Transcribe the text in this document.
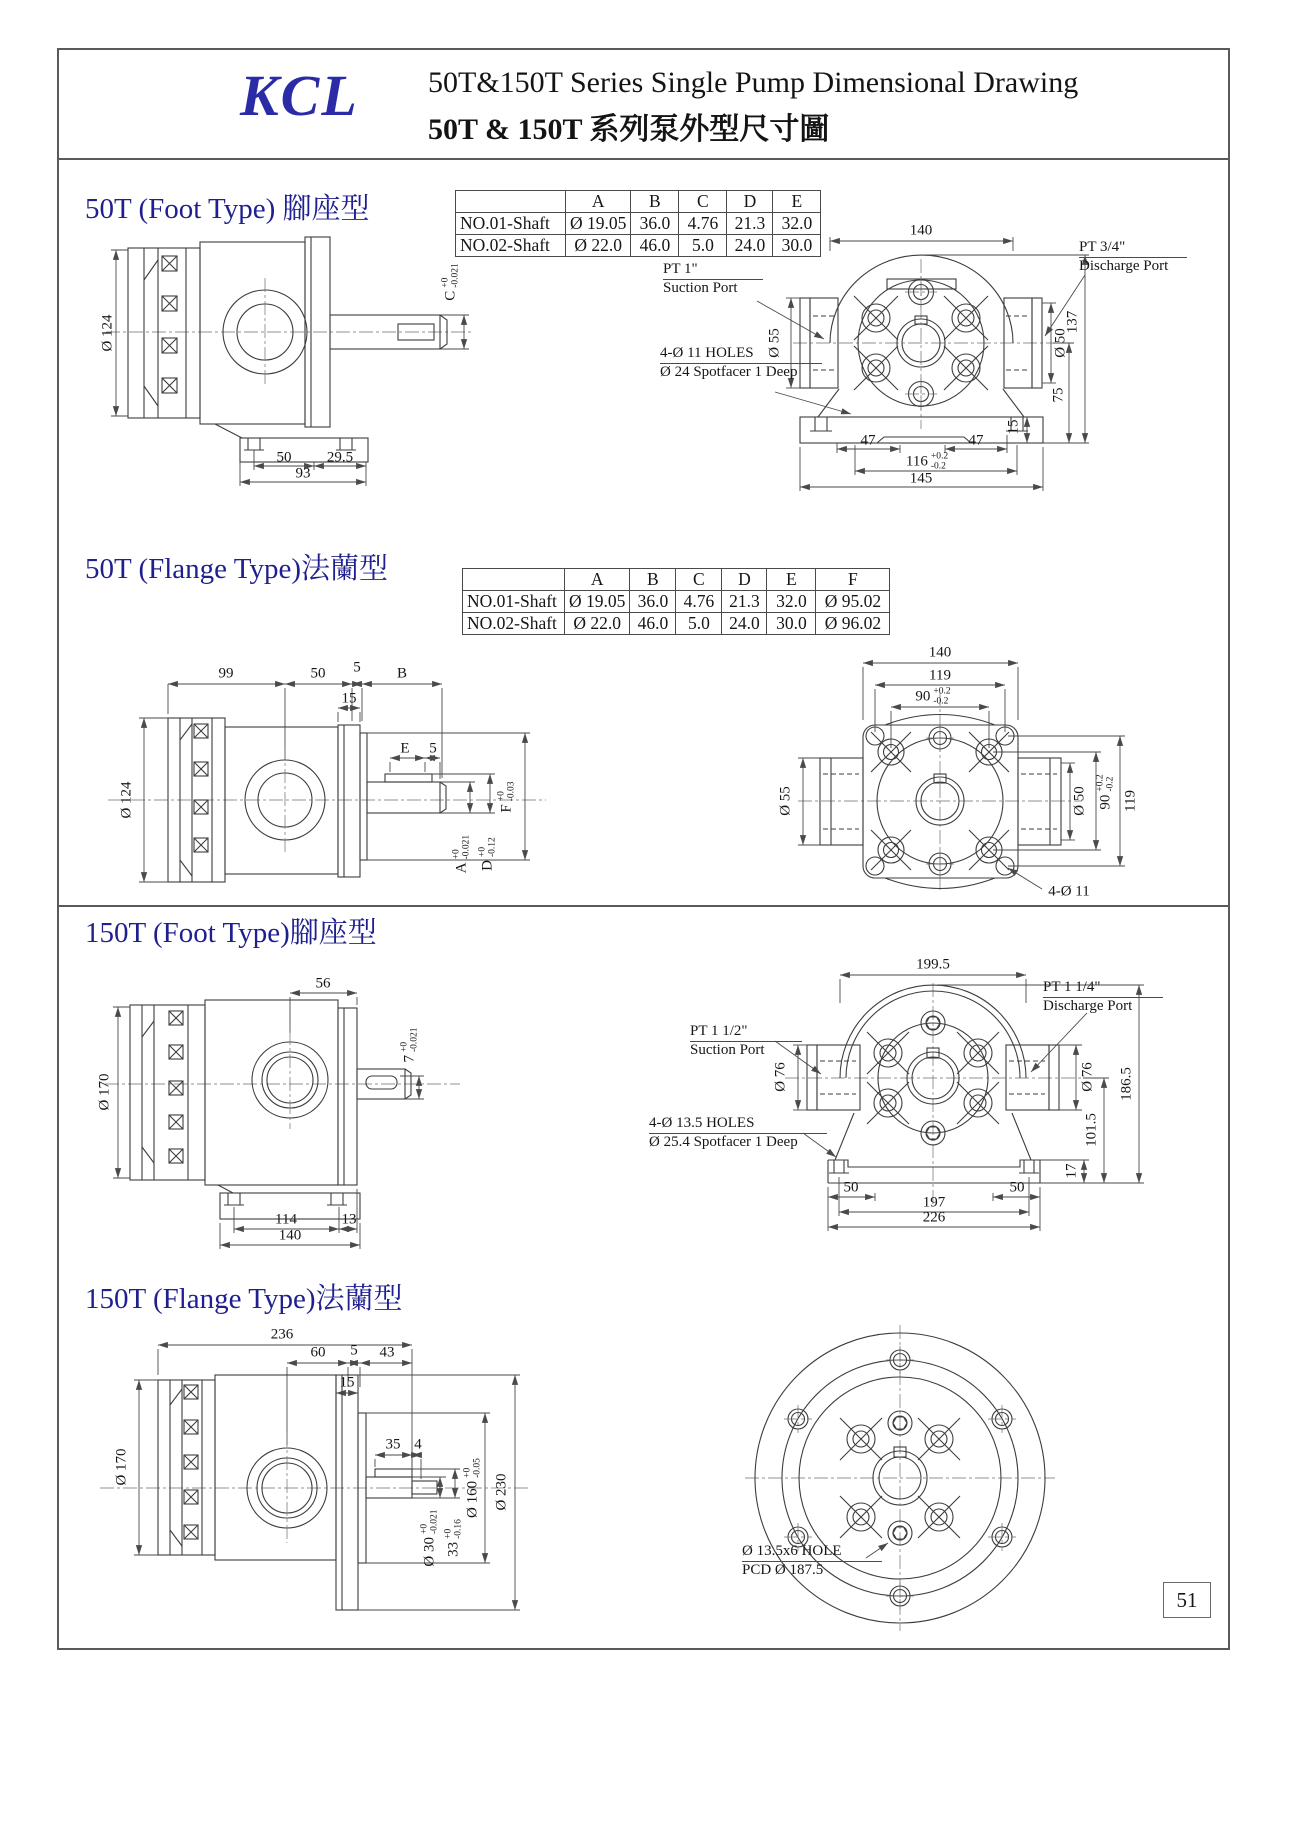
KCL 50T&150T Series Single Pump Dimensional Drawing
50T & 150T 系列泵外型尺寸圖
50T (Foot Type) 腳座型
50T (Flange Type)法蘭型
150T (Foot Type)腳座型
150T (Flange Type)法蘭型
	A	B	C	D	E
NO.01-Shaft	Ø 19.05	36.0	4.76	21.3	32.0
NO.02-Shaft	Ø 22.0	46.0	5.0	24.0	30.0
	A	B	C	D	E	F
NO.01-Shaft	Ø 19.05	36.0	4.76	21.3	32.0	Ø 95.02
NO.02-Shaft	Ø 22.0	46.0	5.0	24.0	30.0	Ø 96.02
Ø 124
C
+0 -0.021
50 29.5
93
140
PT 1"
Suction Port
4-Ø 11 HOLES
Ø 24 Spotfacer 1 Deep
PT 3/4"
Discharge Port
Ø 55	Ø 50
137
75
15
47	47
116 +0.2
-0.2
145
99	50 5 B
15
E 5
Ø 124	F
+0 -0.03
A
+0 -0.021
D
+0 -0.12
140
119
90 +0.2
-0.2
Ø 55	Ø 50 90
+0.2 -0.2
119
4-Ø 11
56
Ø 170
7
+0 -0.021
114	13
140
199.5
PT 1 1/2"
Suction Port
4-Ø 13.5 HOLES
Ø 25.4 Spotfacer 1 Deep
PT 1 1/4"
Discharge Port
Ø 76	Ø 76
101.5
186.5
17
50	50
197
226
236
60 5 43
15
35 4
Ø 170
Ø 30
+0 -0.021
33
+0 -0.16
Ø 160
+0 -0.05
Ø 230
Ø 13.5x6 HOLE
PCD Ø 187.5
51
